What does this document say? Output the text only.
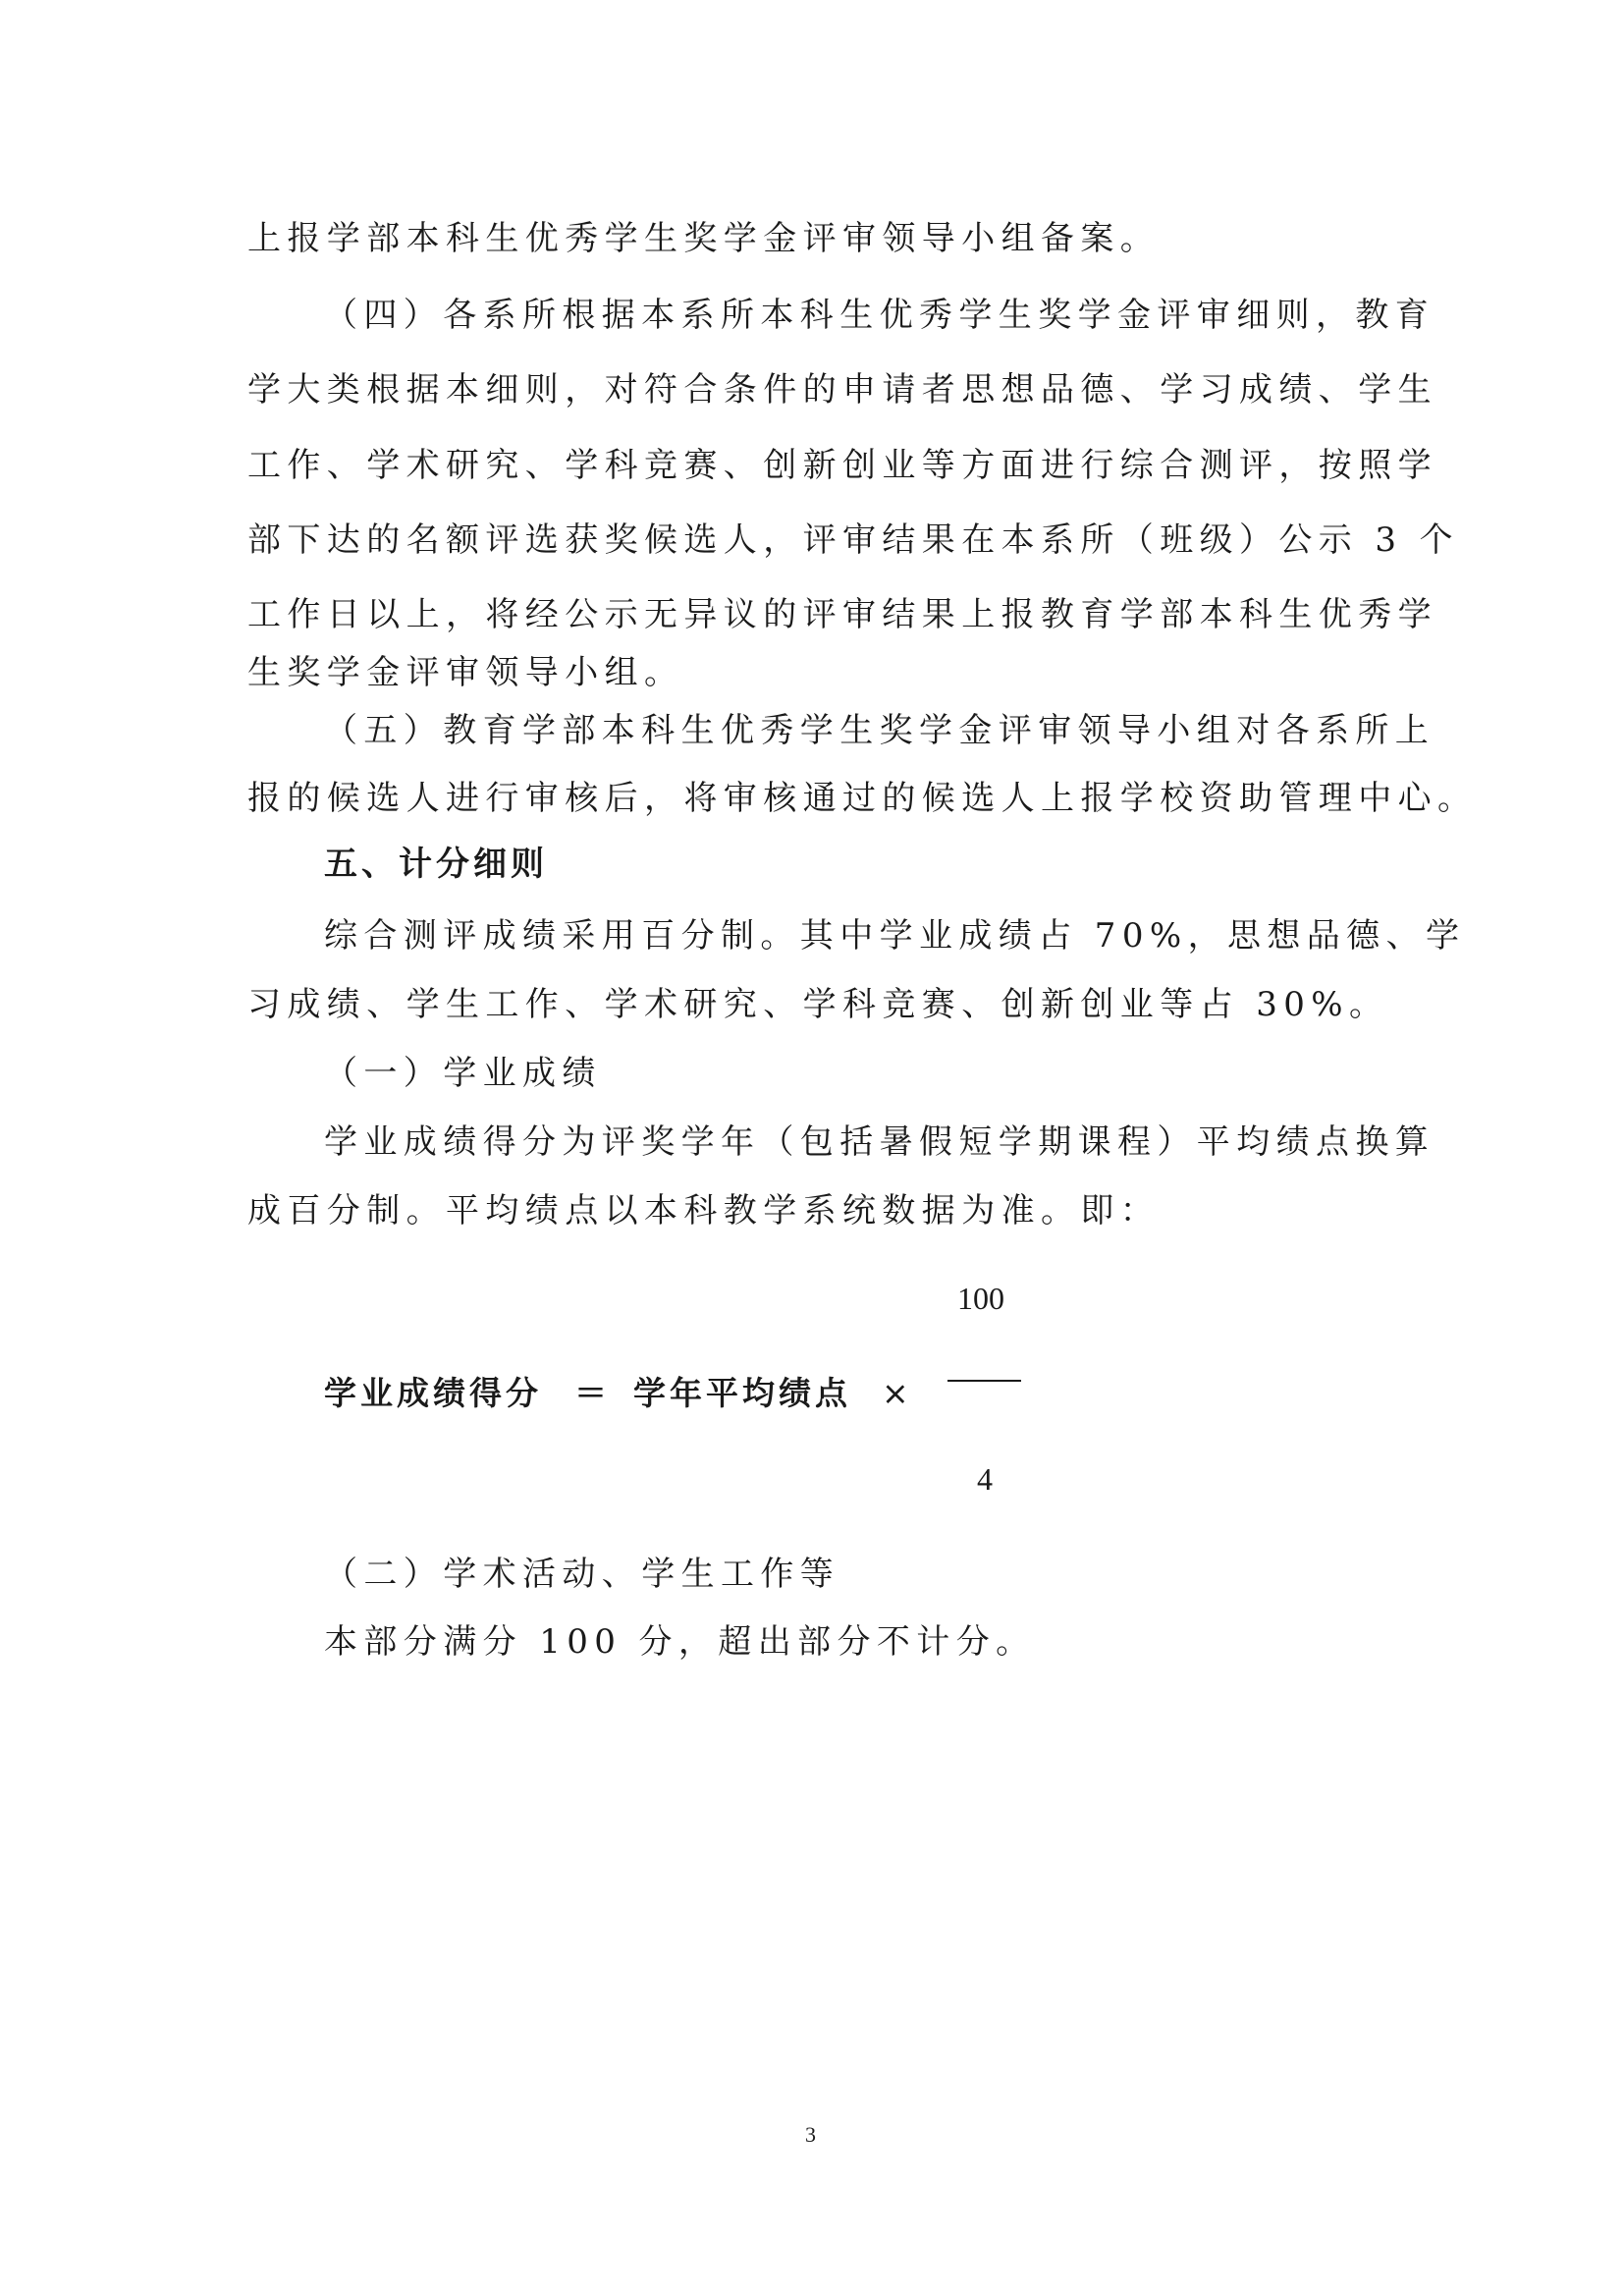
上报学部本科生优秀学生奖学金评审领导小组备案。
（四）各系所根据本系所本科生优秀学生奖学金评审细则，教育
学大类根据本细则，对符合条件的申请者思想品德、学习成绩、学生
工作、学术研究、学科竞赛、创新创业等方面进行综合测评，按照学
部下达的名额评选获奖候选人，评审结果在本系所（班级）公示 3 个
工作日以上，将经公示无异议的评审结果上报教育学部本科生优秀学
生奖学金评审领导小组。
（五）教育学部本科生优秀学生奖学金评审领导小组对各系所上
报的候选人进行审核后，将审核通过的候选人上报学校资助管理中心。
五、计分细则
综合测评成绩采用百分制。其中学业成绩占 70%，思想品德、学
习成绩、学生工作、学术研究、学科竞赛、创新创业等占 30%。
（一）学业成绩
学业成绩得分为评奖学年（包括暑假短学期课程）平均绩点换算
成百分制。平均绩点以本科教学系统数据为准。即：
100
学业成绩得分 ＝ 学年平均绩点 ×
4
（二）学术活动、学生工作等
本部分满分 100 分，超出部分不计分。
3
